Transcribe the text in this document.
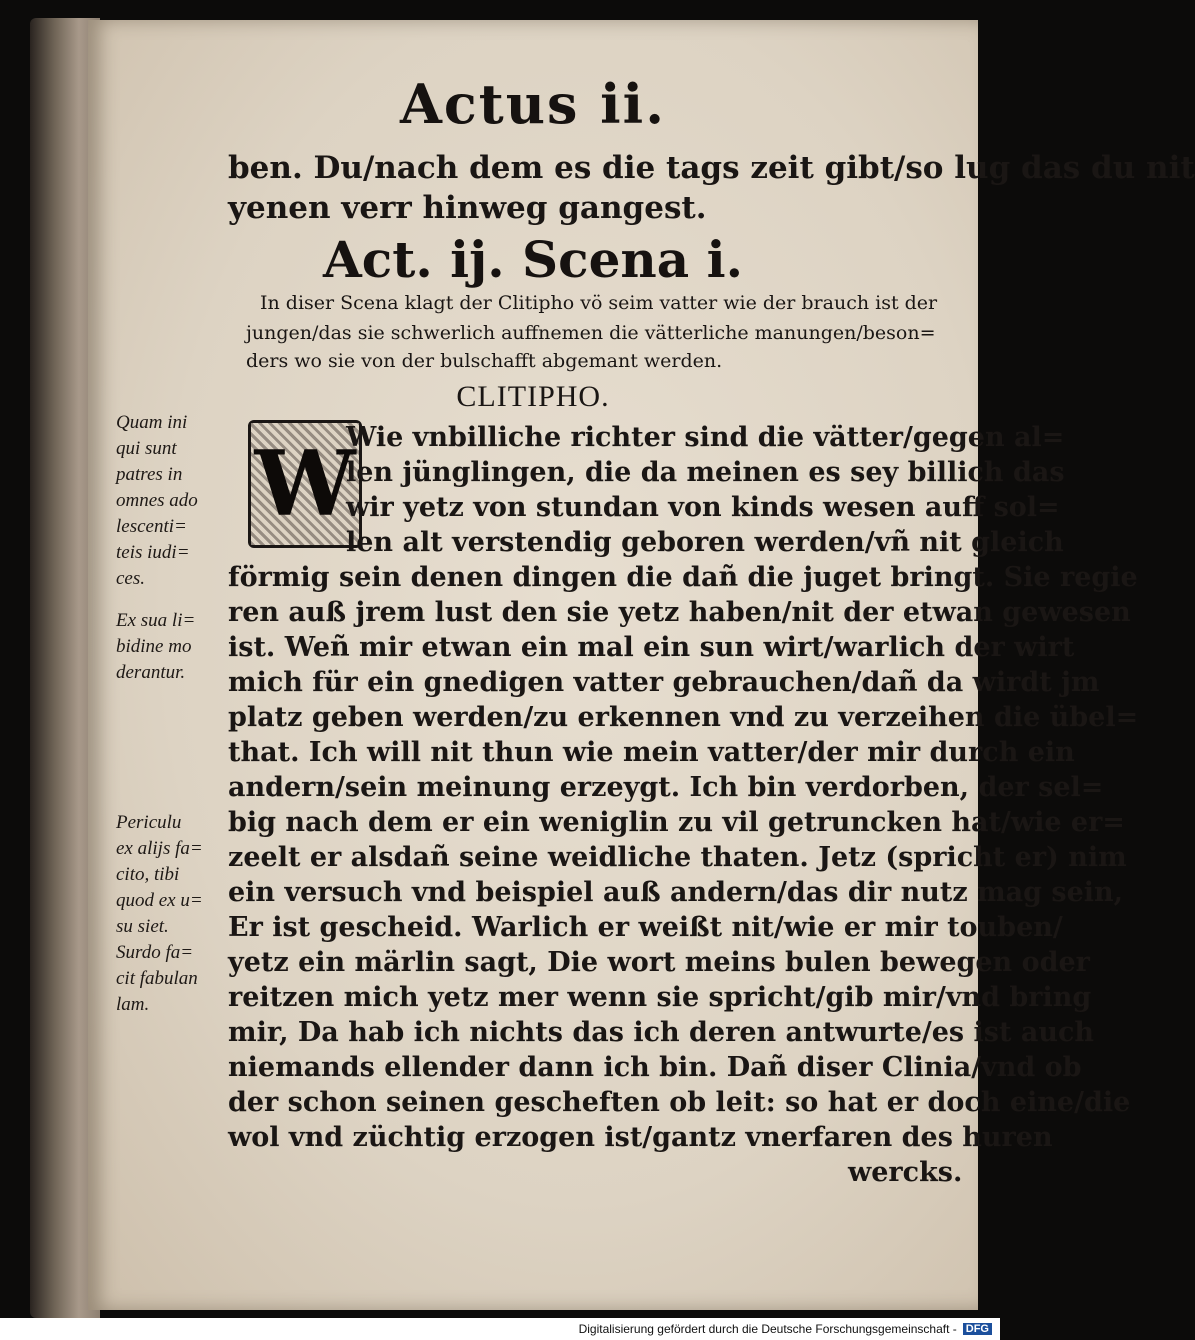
Actus ii.
ben. Du/nach dem es die tags zeit gibt/so lug das du nit
yenen verr hinweg gangest.
Act. ij. Scena i.
In diser Scena klagt der Clitipho vö seim vatter wie der brauch ist der
jungen/das sie schwerlich auffnemen die vätterliche manungen/beson=
ders wo sie von der bulschafft abgemant werden.
CLITIPHO.
W
Wie vnbilliche richter sind die vätter/gegen al=
len jünglingen, die da meinen es sey billich das
wir yetz von stundan von kinds wesen auff sol=
len alt verstendig geboren werden/vñ nit gleich
förmig sein denen dingen die dañ die juget bringt. Sie regie
ren auß jrem lust den sie yetz haben/nit der etwan gewesen
ist. Weñ mir etwan ein mal ein sun wirt/warlich der wirt
mich für ein gnedigen vatter gebrauchen/dañ da wirdt jm
platz geben werden/zu erkennen vnd zu verzeihen die übel=
that. Ich will nit thun wie mein vatter/der mir durch ein
andern/sein meinung erzeygt. Ich bin verdorben, der sel=
big nach dem er ein weniglin zu vil getruncken hat/wie er=
zeelt er alsdañ seine weidliche thaten. Jetz (spricht er) nim
ein versuch vnd beispiel auß andern/das dir nutz mag sein,
Er ist gescheid. Warlich er weißt nit/wie er mir touben/
yetz ein märlin sagt, Die wort meins bulen bewegen oder
reitzen mich yetz mer wenn sie spricht/gib mir/vnd bring
mir, Da hab ich nichts das ich deren antwurte/es ist auch
niemands ellender dann ich bin. Dañ diser Clinia/vnd ob
der schon seinen gescheften ob leit: so hat er doch eine/die
wol vnd züchtig erzogen ist/gantz vnerfaren des huren
wercks.
Quam ini
qui sunt
patres in
omnes ado
lescenti=
teis iudi=
ces.
Ex sua li=
bidine mo
derantur.
Periculu
ex alijs fa=
cito, tibi
quod ex u=
su siet.
Surdo fa=
cit fabulan
lam.
Digitalisierung gefördert durch die Deutsche Forschungsgemeinschaft - DFG
